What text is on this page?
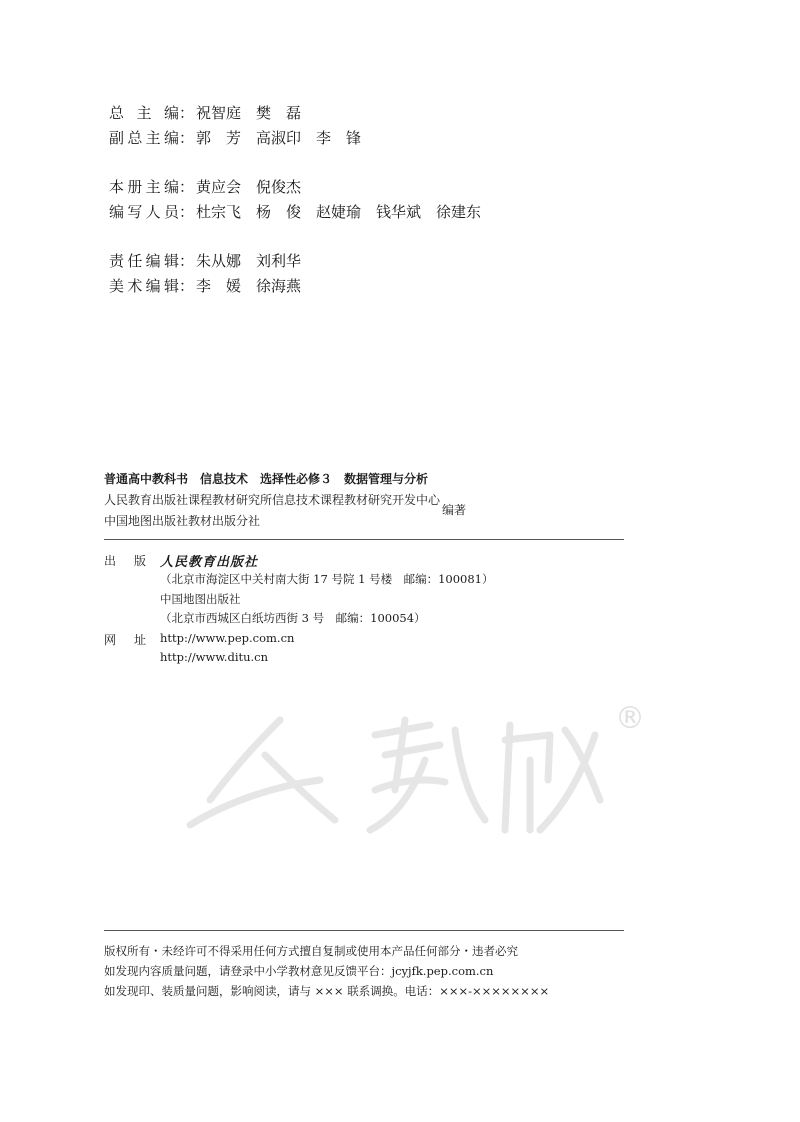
总主编： 祝智庭　樊　磊
副总主编： 郭　芳　高淑印　李　锋
本册主编： 黄应会　倪俊杰
编写人员： 杜宗飞　杨　俊　赵婕瑜　钱华斌　徐建东
责任编辑： 朱从娜　刘利华
美术编辑： 李　媛　徐海燕
普通高中教科书　信息技术　选择性必修３　数据管理与分析
人民教育出版社课程教材研究所信息技术课程教材研究开发中心
中国地图出版社教材出版分社
编著
出　版 人民教育出版社
（北京市海淀区中关村南大街 17 号院 1 号楼　邮编：100081）
中国地图出版社
（北京市西城区白纸坊西街 3 号　邮编：100054）
网　址 http://www.pep.com.cn
http://www.ditu.cn
®
版权所有・未经许可不得采用任何方式擅自复制或使用本产品任何部分・违者必究
如发现内容质量问题，请登录中小学教材意见反馈平台：jcyjfk.pep.com.cn
如发现印、装质量问题，影响阅读，请与 ××× 联系调换。电话：×××-××××××××
